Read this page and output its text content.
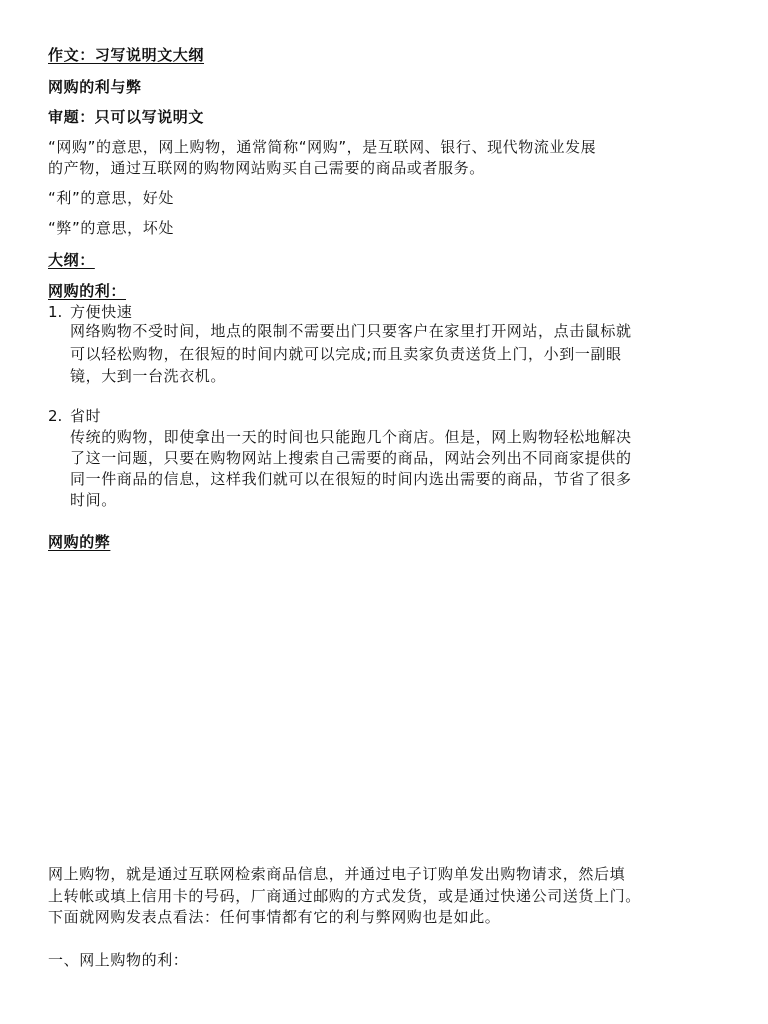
作文：习写说明文大纲
网购的利与弊
审题：只可以写说明文
“网购”的意思，网上购物，通常简称“网购”，是互联网、银行、现代物流业发展
的产物，通过互联网的购物网站购买自己需要的商品或者服务。
“利”的意思，好处
“弊”的意思，坏处
大纲：
网购的利：
1. 方便快速
网络购物不受时间，地点的限制不需要出门只要客户在家里打开网站，点击鼠标就
可以轻松购物，在很短的时间内就可以完成;而且卖家负责送货上门，小到一副眼
镜，大到一台洗衣机。
2. 省时
传统的购物，即使拿出一天的时间也只能跑几个商店。但是，网上购物轻松地解决
了这一问题，只要在购物网站上搜索自己需要的商品，网站会列出不同商家提供的
同一件商品的信息，这样我们就可以在很短的时间内选出需要的商品，节省了很多
时间。
网购的弊
网上购物，就是通过互联网检索商品信息，并通过电子订购单发出购物请求，然后填
上转帐或填上信用卡的号码，厂商通过邮购的方式发货，或是通过快递公司送货上门。
下面就网购发表点看法：任何事情都有它的利与弊网购也是如此。
一、网上购物的利：
